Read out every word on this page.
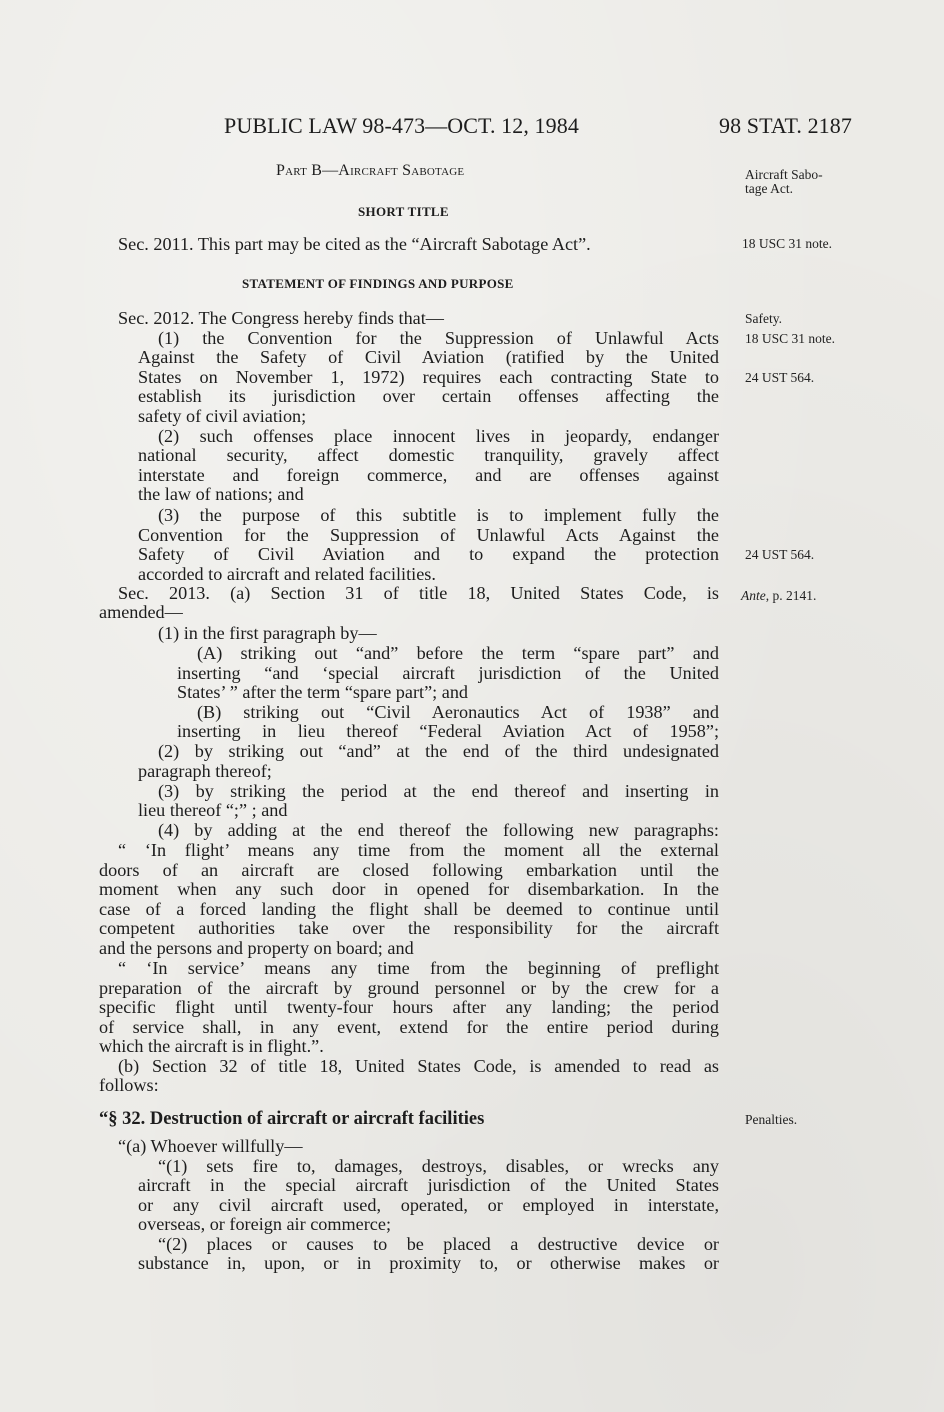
PUBLIC LAW 98-473—OCT. 12, 1984	98 STAT. 2187
Part B—Aircraft Sabotage
SHORT TITLE
Sec. 2011. This part may be cited as the “Aircraft Sabotage Act”.
STATEMENT OF FINDINGS AND PURPOSE
Sec. 2012. The Congress hereby finds that—
(1) the Convention for the Suppression of Unlawful Acts
Against the Safety of Civil Aviation (ratified by the United
States on November 1, 1972) requires each contracting State to
establish its jurisdiction over certain offenses affecting the
safety of civil aviation;
(2) such offenses place innocent lives in jeopardy, endanger
national security, affect domestic tranquility, gravely affect
interstate and foreign commerce, and are offenses against
the law of nations; and
(3) the purpose of this subtitle is to implement fully the
Convention for the Suppression of Unlawful Acts Against the
Safety of Civil Aviation and to expand the protection
accorded to aircraft and related facilities.
Sec. 2013. (a) Section 31 of title 18, United States Code, is
amended—
(1) in the first paragraph by—
(A) striking out “and” before the term “spare part” and
inserting “and ‘special aircraft jurisdiction of the United
States’ ” after the term “spare part”; and
(B) striking out “Civil Aeronautics Act of 1938” and
inserting in lieu thereof “Federal Aviation Act of 1958”;
(2) by striking out “and” at the end of the third undesignated
paragraph thereof;
(3) by striking the period at the end thereof and inserting in
lieu thereof “;” ; and
(4) by adding at the end thereof the following new paragraphs:
“ ‘In flight’ means any time from the moment all the external
doors of an aircraft are closed following embarkation until the
moment when any such door in opened for disembarkation. In the
case of a forced landing the flight shall be deemed to continue until
competent authorities take over the responsibility for the aircraft
and the persons and property on board; and
“ ‘In service’ means any time from the beginning of preflight
preparation of the aircraft by ground personnel or by the crew for a
specific flight until twenty-four hours after any landing; the period
of service shall, in any event, extend for the entire period during
which the aircraft is in flight.”.
(b) Section 32 of title 18, United States Code, is amended to read as
follows:
“§ 32. Destruction of aircraft or aircraft facilities
“(a) Whoever willfully—
“(1) sets fire to, damages, destroys, disables, or wrecks any
aircraft in the special aircraft jurisdiction of the United States
or any civil aircraft used, operated, or employed in interstate,
overseas, or foreign air commerce;
“(2) places or causes to be placed a destructive device or
substance in, upon, or in proximity to, or otherwise makes or
Aircraft Sabo-
tage Act.
18 USC 31 note.
Safety.
18 USC 31 note.
24 UST 564.
24 UST 564.
Ante, p. 2141.
Penalties.
